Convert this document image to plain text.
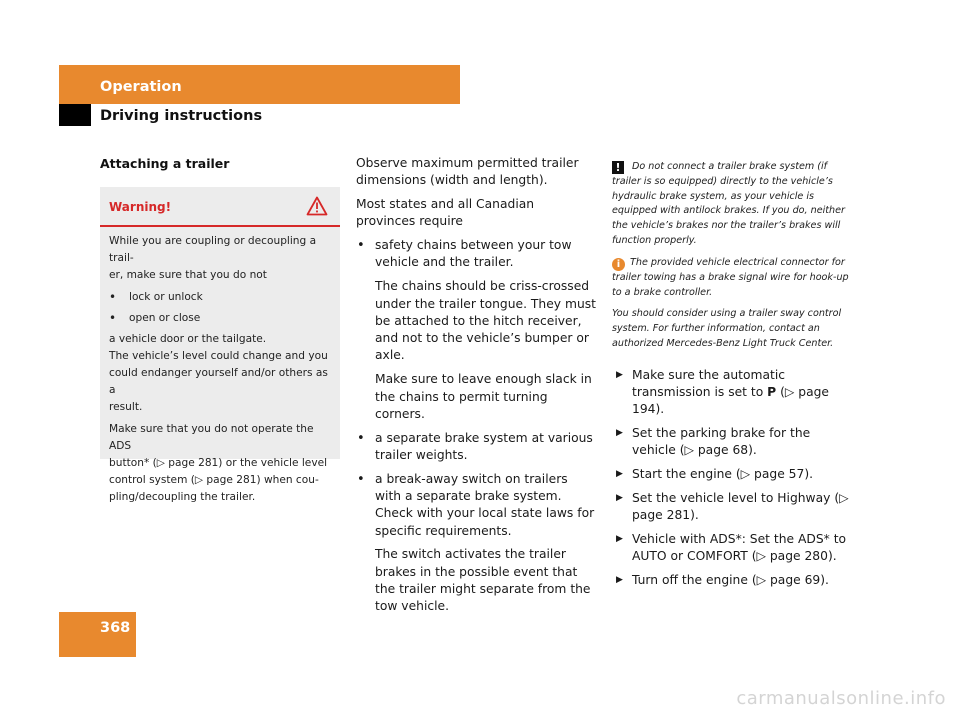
Operation
Driving instructions
Attaching a trailer
Warning!

While you are coupling or decoupling a trail-
er, make sure that you do not

• lock or unlock
• open or close

a vehicle door or the tailgate.
The vehicle’s level could change and you
could endanger yourself and/or others as a
result.

Make sure that you do not operate the ADS
button* (▷ page 281) or the vehicle level
control system (▷ page 281) when cou-
pling/decoupling the trailer.

Observe maximum permitted trailer dimensions (width and length).

Most states and all Canadian provinces require

• safety chains between your tow vehicle and the trailer.
The chains should be criss-crossed under the trailer tongue. They must be attached to the hitch receiver, and not to the vehicle’s bumper or axle.
Make sure to leave enough slack in the chains to permit turning corners.
• a separate brake system at various trailer weights.
• a break-away switch on trailers with a separate brake system. Check with your local state laws for specific requirements.
The switch activates the trailer brakes in the possible event that the trailer might separate from the tow vehicle.

! Do not connect a trailer brake system (if trailer is so equipped) directly to the vehicle’s hydraulic brake system, as your vehicle is equipped with antilock brakes. If you do, neither the vehicle’s brakes nor the trailer’s brakes will function properly.

i The provided vehicle electrical connector for trailer towing has a brake signal wire for hook-up to a brake controller.

You should consider using a trailer sway control system. For further information, contact an authorized Mercedes-Benz Light Truck Center.

▶ Make sure the automatic transmission is set to P (▷ page 194).
▶ Set the parking brake for the vehicle (▷ page 68).
▶ Start the engine (▷ page 57).
▶ Set the vehicle level to Highway (▷ page 281).
▶ Vehicle with ADS*: Set the ADS* to AUTO or COMFORT (▷ page 280).
▶ Turn off the engine (▷ page 69).
368
carmanualsonline.info
